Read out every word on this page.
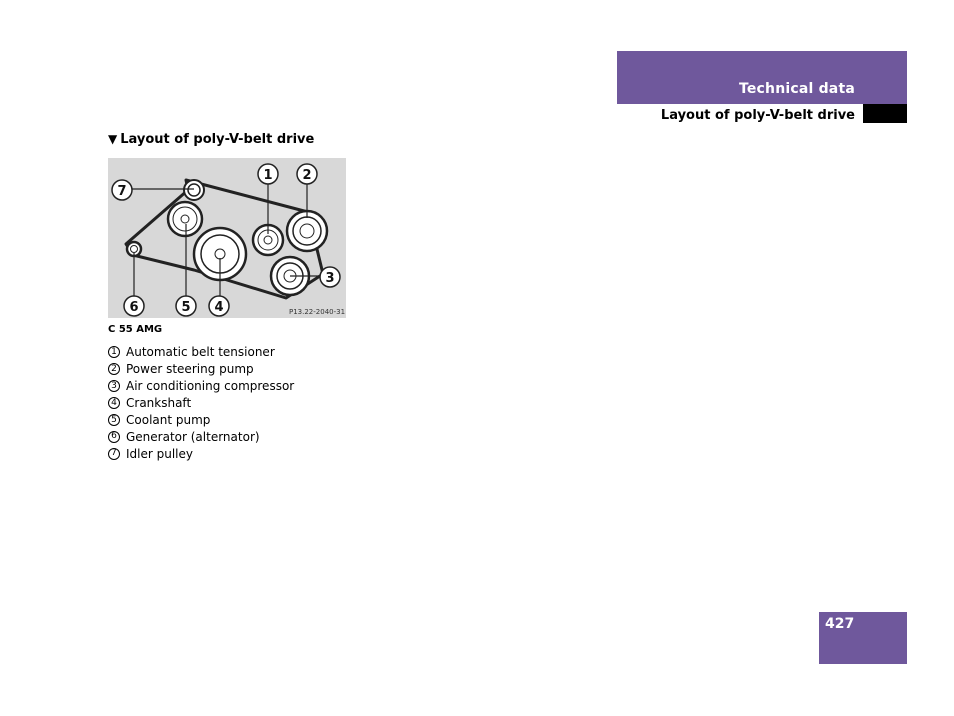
Technical data
Layout of poly-V-belt drive
▼ Layout of poly-V-belt drive
7
1 2
3
6	5 4	P13.22-2040-31
C 55 AMG
1 Automatic belt tensioner
2 Power steering pump
3 Air conditioning compressor
4 Crankshaft
5 Coolant pump
6 Generator (alternator)
7 Idler pulley
427
